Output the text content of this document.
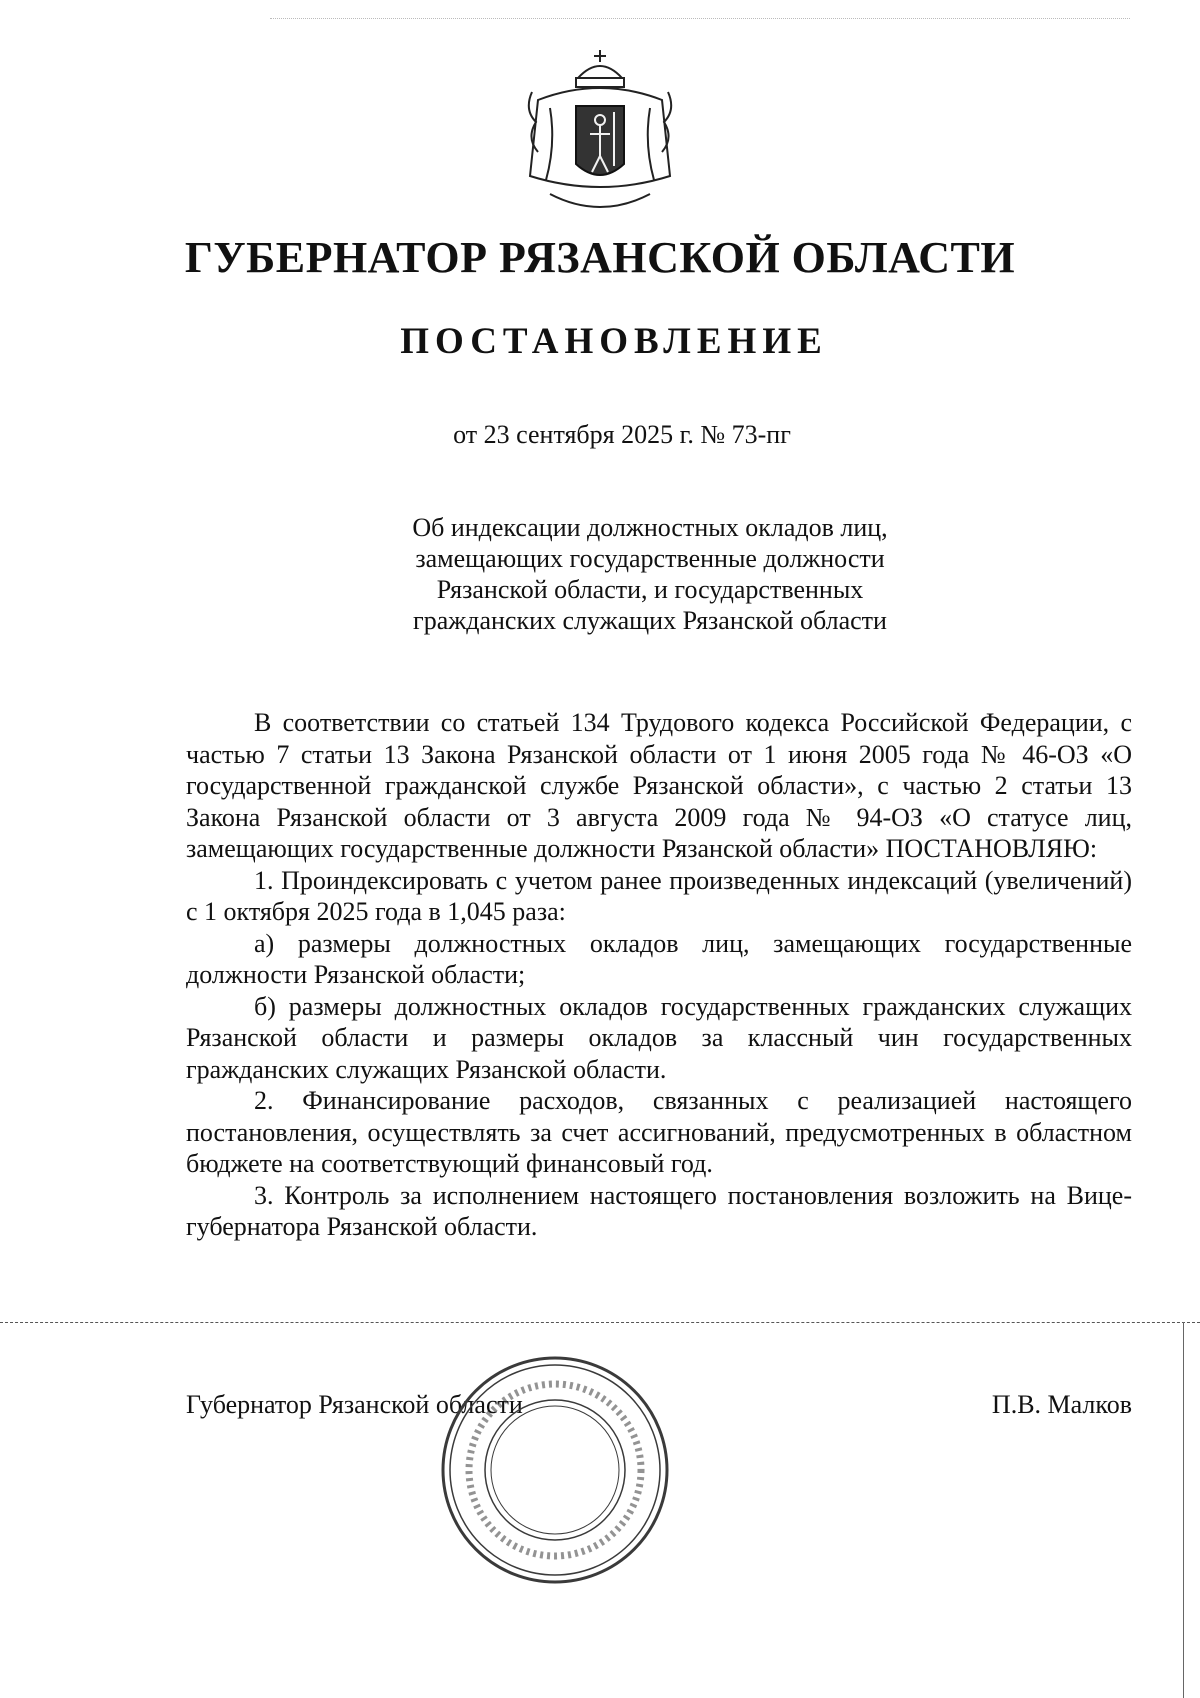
ГУБЕРНАТОР РЯЗАНСКОЙ ОБЛАСТИ
ПОСТАНОВЛЕНИЕ
от 23 сентября 2025 г. № 73-пг
Об индексации должностных окладов лиц,
замещающих государственные должности
Рязанской области, и государственных
гражданских служащих Рязанской области

В соответствии со статьей 134 Трудового кодекса Российской Федерации, с частью 7 статьи 13 Закона Рязанской области от 1 июня 2005 года № 46-ОЗ «О государственной гражданской службе Рязанской области», с частью 2 статьи 13 Закона Рязанской области от 3 августа 2009 года № 94-ОЗ «О статусе лиц, замещающих государственные должности Рязанской области» ПОСТАНОВЛЯЮ:

1. Проиндексировать с учетом ранее произведенных индексаций (увеличений) с 1 октября 2025 года в 1,045 раза:

а) размеры должностных окладов лиц, замещающих государственные должности Рязанской области;

б) размеры должностных окладов государственных гражданских служащих Рязанской области и размеры окладов за классный чин государственных гражданских служащих Рязанской области.

2. Финансирование расходов, связанных с реализацией настоящего постановления, осуществлять за счет ассигнований, предусмотренных в областном бюджете на соответствующий финансовый год.

3. Контроль за исполнением настоящего постановления возложить на Вице-губернатора Рязанской области.

Губернатор Рязанской области	П.В. Малков
